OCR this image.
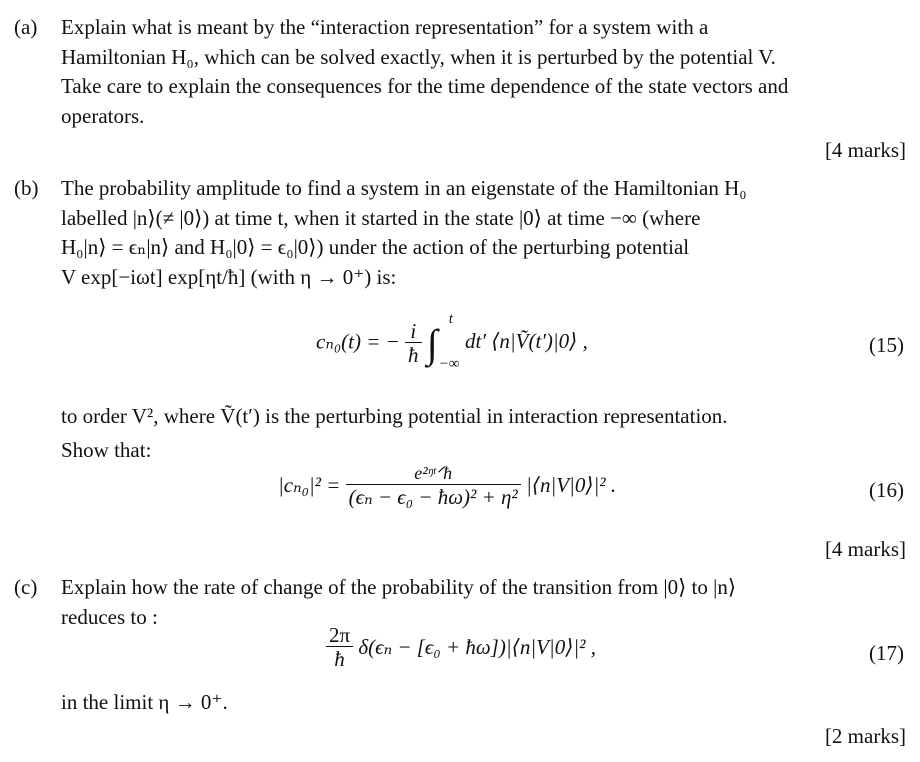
(a) Explain what is meant by the “interaction representation” for a system with a
Hamiltonian H₀, which can be solved exactly, when it is perturbed by the potential V.
Take care to explain the consequences for the time dependence of the state vectors and
operators.
[4 marks]
(b) The probability amplitude to find a system in an eigenstate of the Hamiltonian H₀
labelled |n⟩(≠ |0⟩) at time t, when it started in the state |0⟩ at time −∞ (where
H₀|n⟩ = ϵₙ|n⟩ and H₀|0⟩ = ϵ₀|0⟩) under the action of the perturbing potential
V exp[−iωt] exp[ηt/ħ] (with η → 0⁺) is:
cₙ₀(t) = − $\frac{i}{ħ}$ ∫
t
−∞
dt′ ⟨n|Ṽ(t′)|0⟩ ,	(15)
to order V², where Ṽ(t′) is the perturbing potential in interaction representation.
Show that:
$|c_{n0}|^2 = \frac{\text{e²ᵑᵗᐟħ}}{\text{(ϵₙ − ϵ₀ − ħω)² + η²}}$ |⟨n|V|0⟩|² .	(16)
[4 marks]
(c) Explain how the rate of change of the probability of the transition from |0⟩ to |n⟩
reduces to :
$\frac{2\pi}{ħ} \delta(\epsilon_n - [\epsilon_0$ + ħω])|⟨n|V|0⟩|² ,	(17)
in the limit η → 0⁺.
[2 marks]
